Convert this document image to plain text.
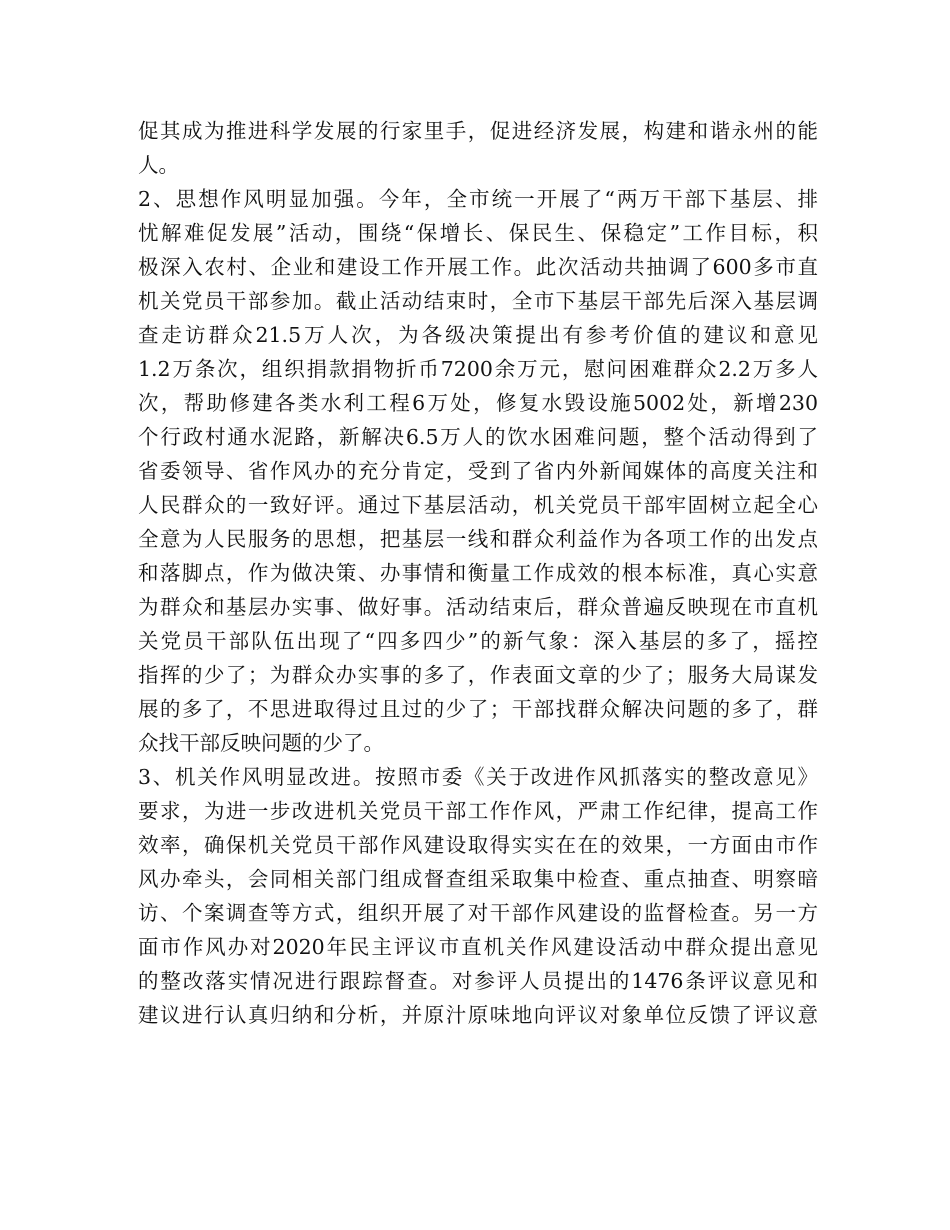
促其成为推进科学发展的行家里手，促进经济发展，构建和谐永州的能
人。
2、思想作风明显加强。今年，全市统一开展了“两万干部下基层、排
忧解难促发展”活动，围绕“保增长、保民生、保稳定”工作目标，积
极深入农村、企业和建设工作开展工作。此次活动共抽调了600多市直
机关党员干部参加。截止活动结束时，全市下基层干部先后深入基层调
查走访群众21.5万人次，为各级决策提出有参考价值的建议和意见
1.2万条次，组织捐款捐物折币7200余万元，慰问困难群众2.2万多人
次，帮助修建各类水利工程6万处，修复水毁设施5002处，新增230
个行政村通水泥路，新解决6.5万人的饮水困难问题，整个活动得到了
省委领导、省作风办的充分肯定，受到了省内外新闻媒体的高度关注和
人民群众的一致好评。通过下基层活动，机关党员干部牢固树立起全心
全意为人民服务的思想，把基层一线和群众利益作为各项工作的出发点
和落脚点，作为做决策、办事情和衡量工作成效的根本标准，真心实意
为群众和基层办实事、做好事。活动结束后，群众普遍反映现在市直机
关党员干部队伍出现了“四多四少”的新气象：深入基层的多了，摇控
指挥的少了；为群众办实事的多了，作表面文章的少了；服务大局谋发
展的多了，不思进取得过且过的少了；干部找群众解决问题的多了，群
众找干部反映问题的少了。
3、机关作风明显改进。按照市委《关于改进作风抓落实的整改意见》
要求，为进一步改进机关党员干部工作作风，严肃工作纪律，提高工作
效率，确保机关党员干部作风建设取得实实在在的效果，一方面由市作
风办牵头，会同相关部门组成督查组采取集中检查、重点抽查、明察暗
访、个案调查等方式，组织开展了对干部作风建设的监督检查。另一方
面市作风办对2020年民主评议市直机关作风建设活动中群众提出意见
的整改落实情况进行跟踪督查。对参评人员提出的1476条评议意见和
建议进行认真归纳和分析，并原汁原味地向评议对象单位反馈了评议意
